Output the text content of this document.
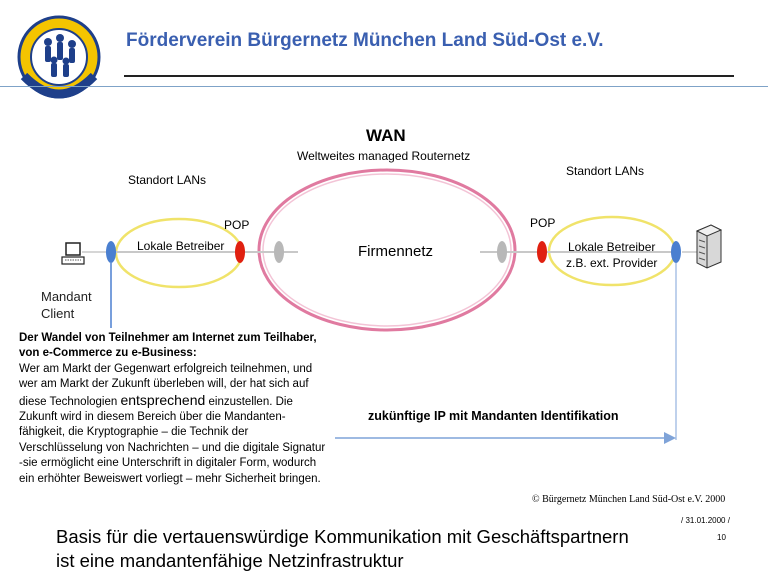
Förderverein Bürgernetz München Land Süd-Ost e.V.
WAN
Weltweites managed Routernetz
Standort LANs
Standort LANs
POP	POP
Firmennetz
Lokale Betreiber	Lokale Betreiber
z.B. ext. Provider
Mandant
Client
Der Wandel von Teilnehmer am Internet zum Teilhaber, von e-Commerce zu e-Business:
Wer am Markt der Gegenwart erfolgreich teilnehmen, und wer am Markt der Zukunft überleben will, der hat sich auf diese Technologien entsprechend einzustellen. Die Zukunft wird in diesem Bereich über die Mandanten-fähigkeit, die Kryptographie – die Technik der Verschlüsselung von Nachrichten – und die digitale Signatur -sie ermöglicht eine Unterschrift in digitaler Form, wodurch ein erhöhter Beweiswert vorliegt – mehr Sicherheit bringen.
zukünftige IP mit Mandanten Identifikation
© Bürgernetz München Land Süd-Ost e.V. 2000
/ 31.01.2000 /
10
Basis für die vertauenswürdige Kommunikation mit Geschäftspartnern
ist eine mandantenfähige Netzinfrastruktur
